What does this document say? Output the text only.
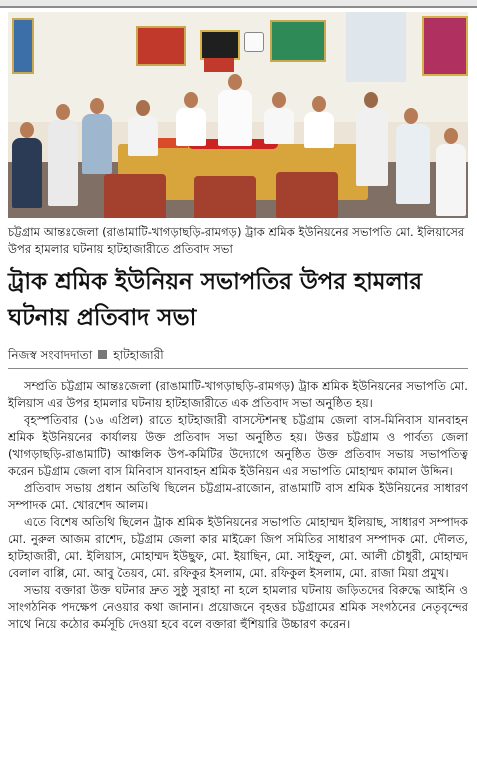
চট্টগ্রাম আন্তঃজেলা (রাঙামাটি-খাগড়াছড়ি-রামগড়) ট্রাক শ্রমিক ইউনিয়নের সভাপতি মো. ইলিয়াসের উপর হামলার ঘটনায় হাটহাজারীতে প্রতিবাদ সভা

ট্রাক শ্রমিক ইউনিয়ন সভাপতির উপর হামলার ঘটনায় প্রতিবাদ সভা
নিজস্ব সংবাদদাতা হাটহাজারী

সম্প্রতি চট্টগ্রাম আন্তঃজেলা (রাঙামাটি-খাগড়াছড়ি-রামগড়) ট্রাক শ্রমিক ইউনিয়নের সভাপতি মো. ইলিয়াস এর উপর হামলার ঘটনায় হাটহাজারীতে এক প্রতিবাদ সভা অনুষ্ঠিত হয়।

বৃহস্পতিবার (১৬ এপ্রিল) রাতে হাটহাজারী বাসস্টেশনস্থ চট্টগ্রাম জেলা বাস-মিনিবাস যানবাহন শ্রমিক ইউনিয়নের কার্যালয় উক্ত প্রতিবাদ সভা অনুষ্ঠিত হয়। উত্তর চট্টগ্রাম ও পার্বত্য জেলা (খাগড়াছড়ি-রাঙামাটি) আঞ্চলিক উপ-কমিটির উদ্যোগে অনুষ্ঠিত উক্ত প্রতিবাদ সভায় সভাপতিত্ব করেন চট্টগ্রাম জেলা বাস মিনিবাস যানবাহন শ্রমিক ইউনিয়ন এর সভাপতি মোহাম্মদ কামাল উদ্দিন।

প্রতিবাদ সভায় প্রধান অতিথি ছিলেন চট্টগ্রাম-রাজোন, রাঙামাটি বাস শ্রমিক ইউনিয়নের সাধারণ সম্পাদক মো. খোরশেদ আলম।

এতে বিশেষ অতিথি ছিলেন ট্রাক শ্রমিক ইউনিয়নের সভাপতি মোহাম্মদ ইলিয়াছ, সাধারণ সম্পাদক মো. নুরুল আজম রাশেদ, চট্টগ্রাম জেলা কার মাইক্রো জিপ সমিতির সাধারণ সম্পাদক মো. দৌলত, হাটহাজারী, মো. ইলিয়াস, মোহাম্মদ ইউছুফ, মো. ইয়াছিন, মো. সাইফুল, মো. আলী চৌধুরী, মোহাম্মদ বেলাল বাপ্পি, মো. আবু তৈয়ব, মো. রফিকুর ইসলাম, মো. রফিকুল ইসলাম, মো. রাজা মিয়া প্রমুখ।

সভায় বক্তারা উক্ত ঘটনার দ্রুত সুষ্ঠু সুরাহা না হলে হামলার ঘটনায় জড়িতদের বিরুদ্ধে আইনি ও সাংগঠনিক পদক্ষেপ নেওয়ার কথা জানান। প্রয়োজনে বৃহত্তর চট্টগ্রামের শ্রমিক সংগঠনের নেতৃবৃন্দের সাথে নিয়ে কঠোর কর্মসূচি দেওয়া হবে বলে বক্তারা হুঁশিয়ারি উচ্চারণ করেন।
